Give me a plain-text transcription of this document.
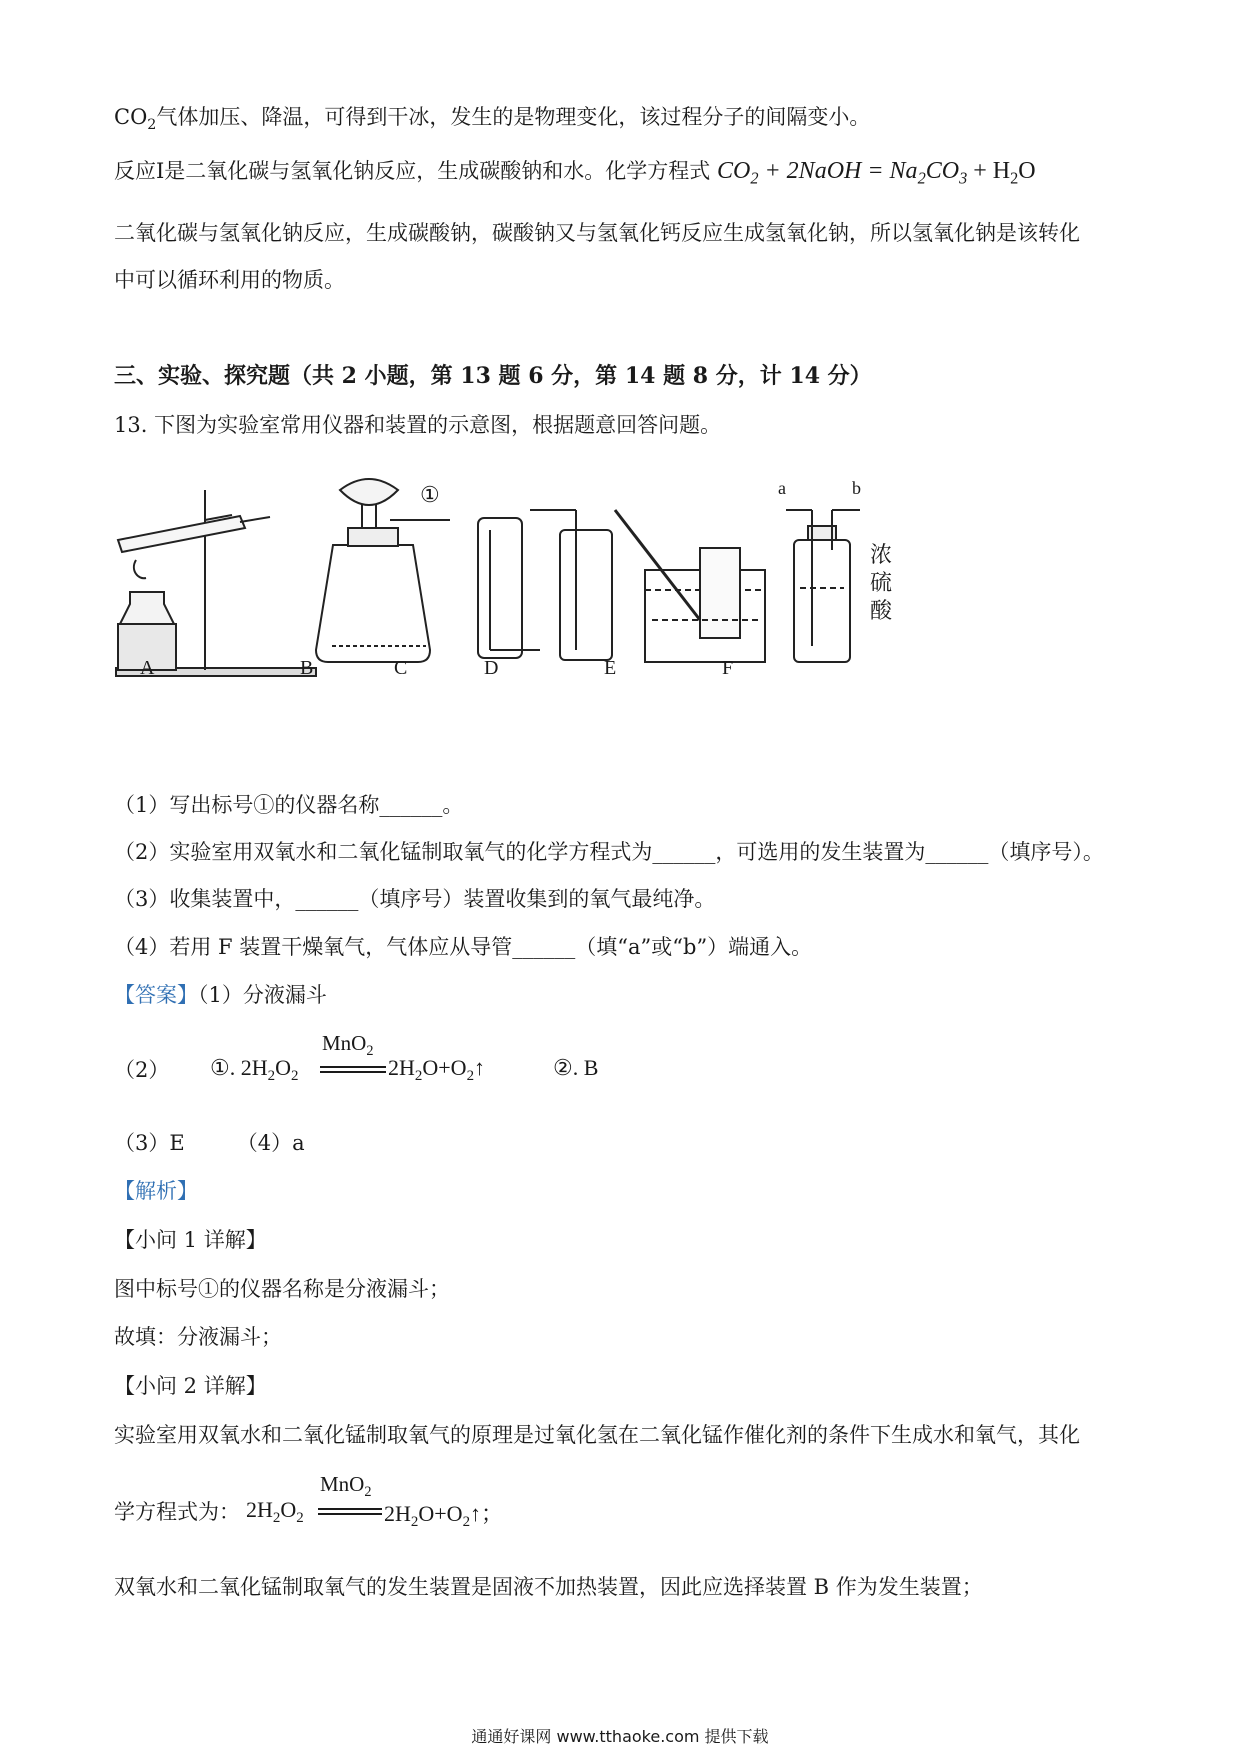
$CO_2$气体加压、降温，可得到干冰，发生的是物理变化，该过程分子的间隔变小。
反应Ⅰ是二氧化碳与氢氧化钠反应，生成碳酸钠和水。化学方程式 $CO_2$ + 2NaOH = $Na_2CO_3 + H_2O$
二氧化碳与氢氧化钠反应，生成碳酸钠，碳酸钠又与氢氧化钙反应生成氢氧化钠，所以氢氧化钠是该转化
中可以循环利用的物质。
三、实验、探究题（共 2 小题，第 13 题 6 分，第 14 题 8 分，计 14 分）
13. 下图为实验室常用仪器和装置的示意图，根据题意回答问题。
①	a	b
浓
硫
酸
A	B	C	D	E	F
（1）写出标号①的仪器名称______。
（2）实验室用双氧水和二氧化锰制取氧气的化学方程式为______，可选用的发生装置为______（填序号）。
（3）收集装置中，______（填序号）装置收集到的氧气最纯净。
（4）若用 F 装置干燥氧气，气体应从导管______（填“a”或“b”）端通入。
【答案】（1）分液漏斗
（2） ①. $2H_2O_2$
MnO$_2$
$2H_2O+O_2↑$	②. B
（3）E （4）a
【解析】
【小问 1 详解】
图中标号①的仪器名称是分液漏斗；
故填：分液漏斗；
【小问 2 详解】
实验室用双氧水和二氧化锰制取氧气的原理是过氧化氢在二氧化锰作催化剂的条件下生成水和氧气，其化
学方程式为： $2H_2O_2$
MnO$_2$
$2H_2O+O_2↑$；
双氧水和二氧化锰制取氧气的发生装置是固液不加热装置，因此应选择装置 B 作为发生装置；
通通好课网 www.tthaoke.com 提供下载
